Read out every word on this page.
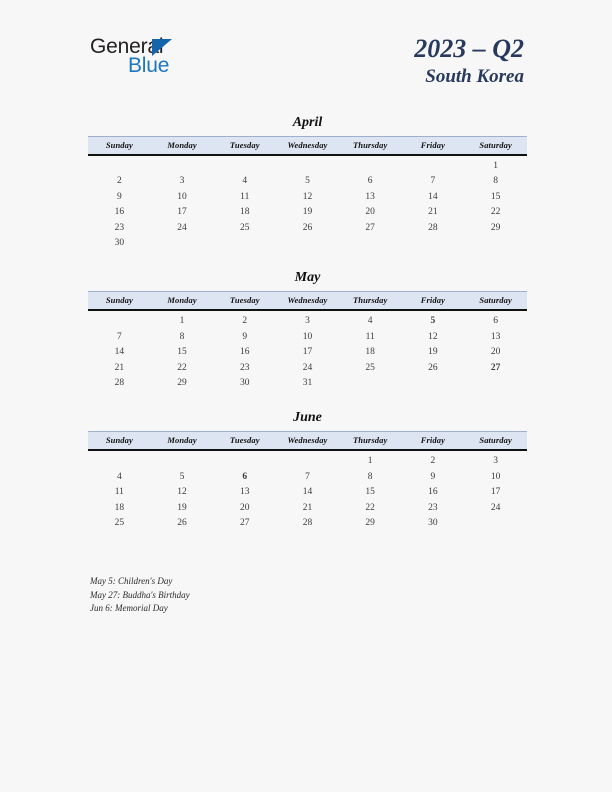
General
Blue
2023 – Q2
South Korea
April
Sunday	Monday	Tuesday	Wednesday	Thursday	Friday	Saturday
						1
2	3	4	5	6	7	8
9	10	11	12	13	14	15
16	17	18	19	20	21	22
23	24	25	26	27	28	29
30						
May
Sunday	Monday	Tuesday	Wednesday	Thursday	Friday	Saturday
	1	2	3	4	5	6
7	8	9	10	11	12	13
14	15	16	17	18	19	20
21	22	23	24	25	26	27
28	29	30	31			
June
Sunday	Monday	Tuesday	Wednesday	Thursday	Friday	Saturday
				1	2	3
4	5	6	7	8	9	10
11	12	13	14	15	16	17
18	19	20	21	22	23	24
25	26	27	28	29	30	
May 5: Children's Day
May 27: Buddha's Birthday
Jun 6: Memorial Day
